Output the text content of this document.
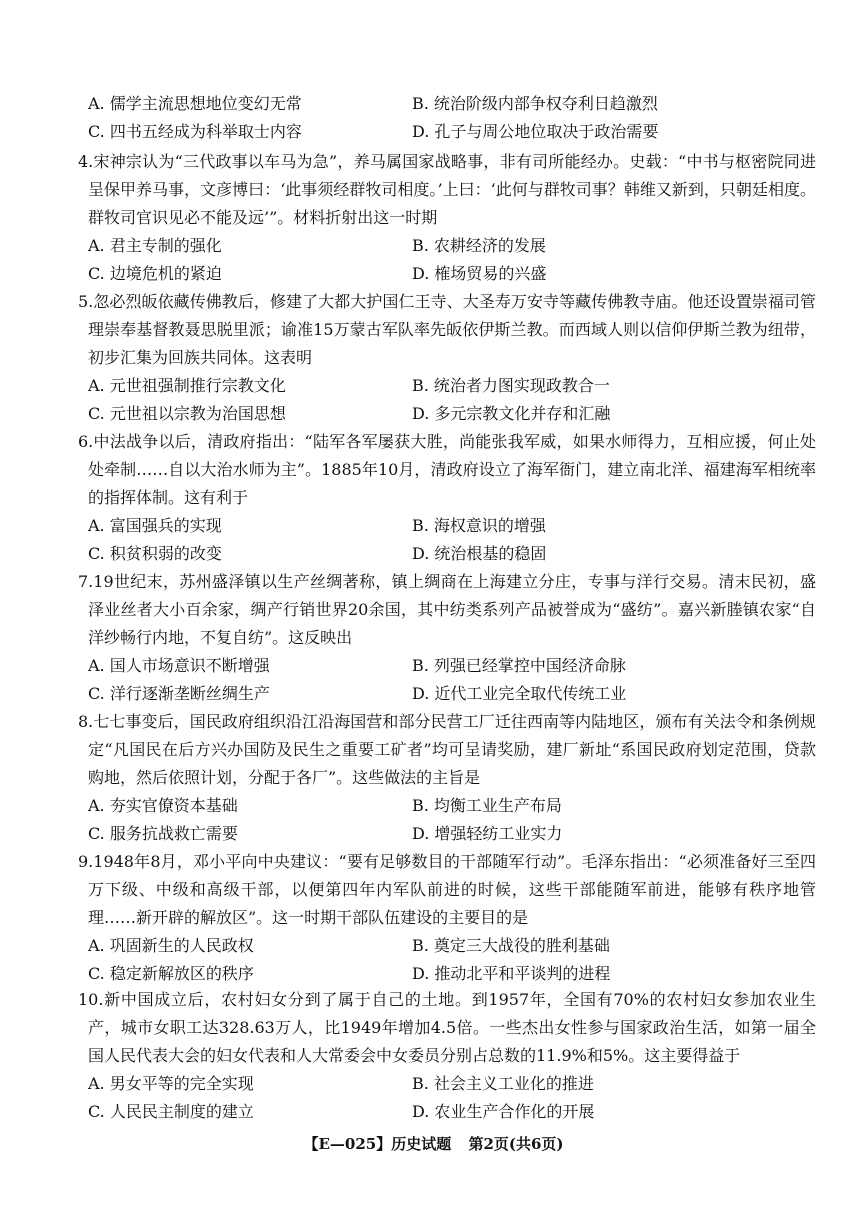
A. 儒学主流思想地位变幻无常	B. 统治阶级内部争权夺利日趋激烈
C. 四书五经成为科举取士内容	D. 孔子与周公地位取决于政治需要

4.宋神宗认为“三代政事以车马为急”，养马属国家战略事，非有司所能经办。史载：“中书与枢密院同进呈保甲养马事，文彦博曰：‘此事须经群牧司相度。’上曰：‘此何与群牧司事？韩维又新到，只朝廷相度。群牧司官识见必不能及远’”。材料折射出这一时期

A. 君主专制的强化	B. 农耕经济的发展
C. 边境危机的紧迫	D. 榷场贸易的兴盛

5.忽必烈皈依藏传佛教后，修建了大都大护国仁王寺、大圣寿万安寺等藏传佛教寺庙。他还设置崇福司管理崇奉基督教聂思脱里派；谕准15万蒙古军队率先皈依伊斯兰教。而西域人则以信仰伊斯兰教为纽带，初步汇集为回族共同体。这表明

A. 元世祖强制推行宗教文化	B. 统治者力图实现政教合一
C. 元世祖以宗教为治国思想	D. 多元宗教文化并存和汇融

6.中法战争以后，清政府指出：“陆军各军屡获大胜，尚能张我军威，如果水师得力，互相应援，何止处处牵制……自以大治水师为主”。1885年10月，清政府设立了海军衙门，建立南北洋、福建海军相统率的指挥体制。这有利于

A. 富国强兵的实现	B. 海权意识的增强
C. 积贫积弱的改变	D. 统治根基的稳固

7.19世纪末，苏州盛泽镇以生产丝绸著称，镇上绸商在上海建立分庄，专事与洋行交易。清末民初，盛泽业丝者大小百余家，绸产行销世界20余国，其中纺类系列产品被誉成为“盛纺”。嘉兴新塍镇农家“自洋纱畅行内地，不复自纺”。这反映出

A. 国人市场意识不断增强	B. 列强已经掌控中国经济命脉
C. 洋行逐渐垄断丝绸生产	D. 近代工业完全取代传统工业

8.七七事变后，国民政府组织沿江沿海国营和部分民营工厂迁往西南等内陆地区，颁布有关法令和条例规定“凡国民在后方兴办国防及民生之重要工矿者”均可呈请奖励，建厂新址“系国民政府划定范围，贷款购地，然后依照计划，分配于各厂”。这些做法的主旨是

A. 夯实官僚资本基础	B. 均衡工业生产布局
C. 服务抗战救亡需要	D. 增强轻纺工业实力

9.1948年8月，邓小平向中央建议：“要有足够数目的干部随军行动”。毛泽东指出：“必须准备好三至四万下级、中级和高级干部，以便第四年内军队前进的时候，这些干部能随军前进，能够有秩序地管理……新开辟的解放区”。这一时期干部队伍建设的主要目的是

A. 巩固新生的人民政权	B. 奠定三大战役的胜利基础
C. 稳定新解放区的秩序	D. 推动北平和平谈判的进程

10.新中国成立后，农村妇女分到了属于自己的土地。到1957年，全国有70%的农村妇女参加农业生产，城市女职工达328.63万人，比1949年增加4.5倍。一些杰出女性参与国家政治生活，如第一届全国人民代表大会的妇女代表和人大常委会中女委员分别占总数的11.9%和5%。这主要得益于

A. 男女平等的完全实现	B. 社会主义工业化的推进
C. 人民民主制度的建立	D. 农业生产合作化的开展
【E—025】历史试题 第2页(共6页)
